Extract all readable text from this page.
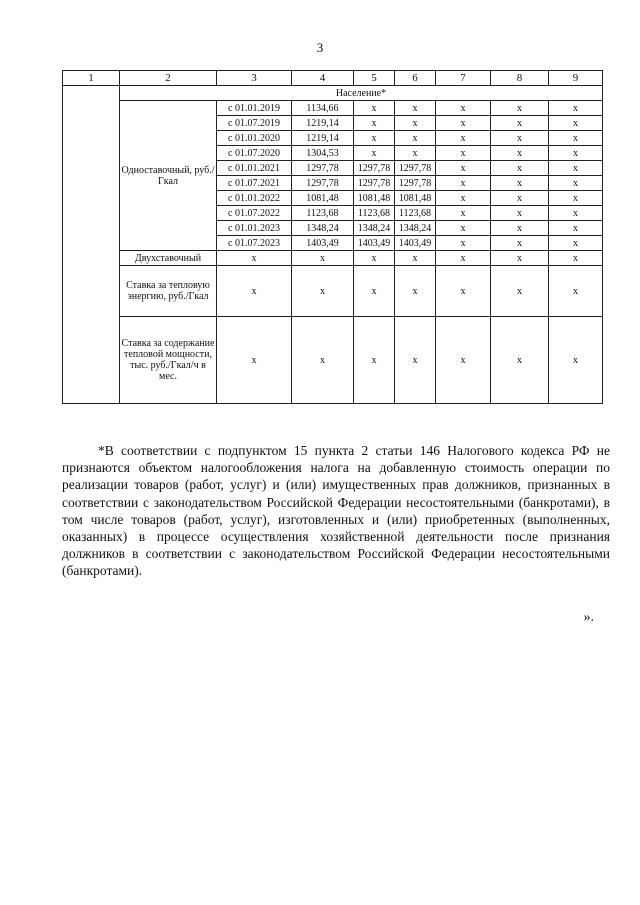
3
1	2	3	4	5	6	7	8	9
	Население*							
	Одноставочный, руб./Гкал	с 01.01.2019	1134,66	x	x	x	x	x
		с 01.07.2019	1219,14	x	x	x	x	x
		с 01.01.2020	1219,14	x	x	x	x	x
		с 01.07.2020	1304,53	x	x	x	x	x
		с 01.01.2021	1297,78	1297,78	1297,78	x	x	x
		с 01.07.2021	1297,78	1297,78	1297,78	x	x	x
		с 01.01.2022	1081,48	1081,48	1081,48	x	x	x
		с 01.07.2022	1123,68	1123,68	1123,68	x	x	x
		с 01.01.2023	1348,24	1348,24	1348,24	x	x	x
		с 01.07.2023	1403,49	1403,49	1403,49	x	x	x
	Двухставочный	x	x	x	x	x	x	x
	Ставка за тепловую энергию, руб./Гкал	x	x	x	x	x	x	x
	Ставка за содержание тепловой мощности, тыс. руб./Гкал/ч в мес.	x	x	x	x	x	x	x

*В соответствии с подпунктом 15 пункта 2 статьи 146 Налогового кодекса РФ не признаются объектом налогообложения налога на добавленную стоимость операции по реализации товаров (работ, услуг) и (или) имущественных прав должников, признанных в соответствии с законодательством Российской Федерации несостоятельными (банкротами), в том числе товаров (работ, услуг), изготовленных и (или) приобретенных (выполненных, оказанных) в процессе осуществления хозяйственной деятельности после признания должников в соответствии с законодательством Российской Федерации несостоятельными (банкротами).

».
